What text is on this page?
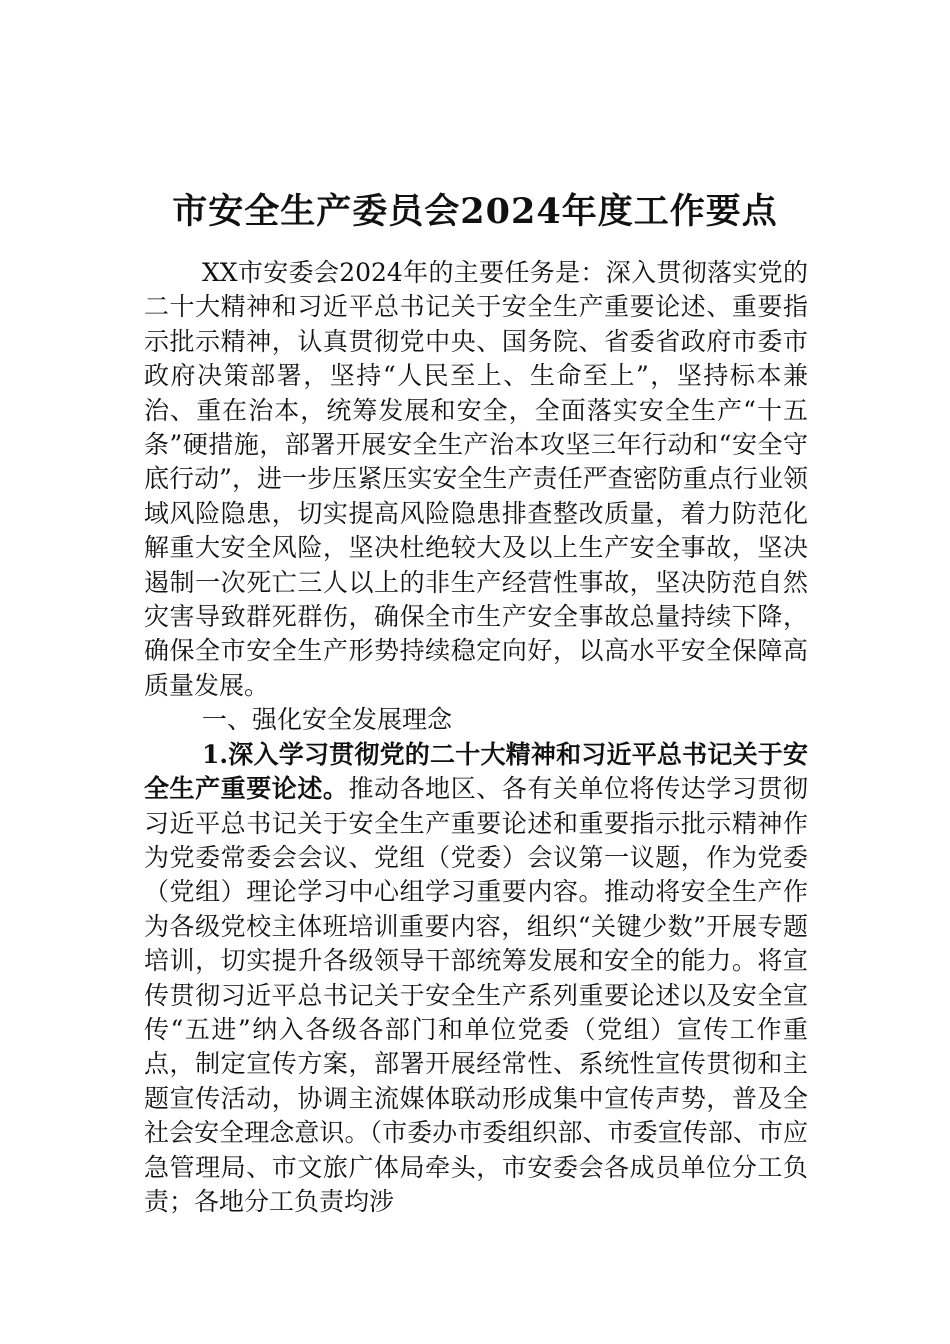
市安全生产委员会2024年度工作要点

XX市安委会2024年的主要任务是：深入贯彻落实党的二十大精神和习近平总书记关于安全生产重要论述、重要指示批示精神，认真贯彻党中央、国务院、省委省政府市委市政府决策部署，坚持“人民至上、生命至上”，坚持标本兼治、重在治本，统筹发展和安全，全面落实安全生产“十五条”硬措施，部署开展安全生产治本攻坚三年行动和“安全守底行动”，进一步压紧压实安全生产责任严查密防重点行业领域风险隐患，切实提高风险隐患排查整改质量，着力防范化解重大安全风险，坚决杜绝较大及以上生产安全事故，坚决遏制一次死亡三人以上的非生产经营性事故，坚决防范自然灾害导致群死群伤，确保全市生产安全事故总量持续下降，确保全市安全生产形势持续稳定向好，以高水平安全保障高质量发展。

一、强化安全发展理念

1.深入学习贯彻党的二十大精神和习近平总书记关于安全生产重要论述。推动各地区、各有关单位将传达学习贯彻习近平总书记关于安全生产重要论述和重要指示批示精神作为党委常委会会议、党组（党委）会议第一议题，作为党委（党组）理论学习中心组学习重要内容。推动将安全生产作为各级党校主体班培训重要内容，组织“关键少数”开展专题培训，切实提升各级领导干部统筹发展和安全的能力。将宣传贯彻习近平总书记关于安全生产系列重要论述以及安全宣传“五进”纳入各级各部门和单位党委（党组）宣传工作重点，制定宣传方案，部署开展经常性、系统性宣传贯彻和主题宣传活动，协调主流媒体联动形成集中宣传声势，普及全社会安全理念意识。（市委办市委组织部、市委宣传部、市应急管理局、市文旅广体局牵头，市安委会各成员单位分工负责；各地分工负责均涉
